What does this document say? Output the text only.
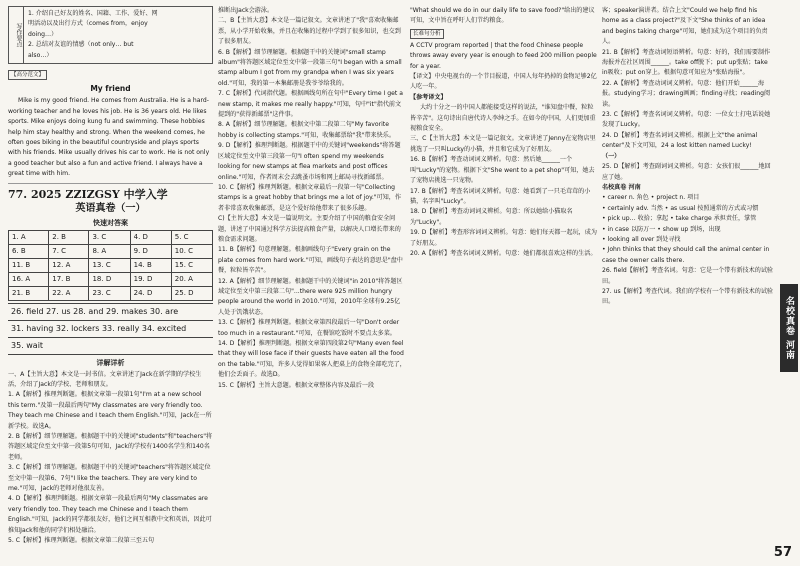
写作要点
1. 介绍自己好友的姓名、国籍、工作、爱好、网
明活动以及出行方式（comes from，enjoy
doing…）
2. 总结对友谊的情感（not only… but
also…）
【高分范文】
My friend

Mike is my good friend. He comes from Australia. He is a hard-working teacher and he loves his job. He is 36 years old. He likes sports. Mike enjoys doing kung fu and swimming. These hobbies help him stay healthy and strong. When the weekend comes, he often goes biking in the beautiful countryside and plays sports with his friends. Mike usually drives his car to work. He is not only a good teacher but also a fun and active friend. I always have a great time with him.

77. 2025 ZZIZGSY 中学入学
英语真卷（一）
快速对答案
1. A	2. B	3. C	4. D	5. C
6. B	7. C	8. A	9. D	10. C
11. B	12. A	13. C	14. B	15. C
16. A	17. B	18. D	19. D	20. A
21. B	22. A	23. C	24. D	25. D
26. field 27. us 28. and 29. makes 30. are
31. having 32. lockers 33. really 34. excited
35. wait
详解详析
一、A【主旨大意】本文是一封书信。文章讲述了Jack在新学期的学校生活，介绍了Jack的学校、老师和朋友。
1. A【解析】推理判断题。根据文章第一段第1句"I'm at a new school this term."及第一段最后两句"My classmates are very friendly too. They teach me Chinese and I teach them English."可知，Jack在一所新学校。故选A。
2. B【解析】细节理解题。根据题干中的关键词"students"和"teachers"将答题区域定位至文中第一段第5句可知，Jack的学校有1400名学生和140名老师。
3. C【解析】细节理解题。根据题干中的关键词"teachers"将答题区域定位至文中第一段第6、7句"I like the teachers. They are very kind to me."可知，Jack的老师对他很友善。
4. D【解析】推理判断题。根据文章第一段最后两句"My classmates are very friendly too. They teach me Chinese and I teach them English."可知，Jack的同学都很友好，他们之间互相教中文和英语，因此可推知Jack和他的同学们相处融洽。
5. C【解析】推理判断题。根据文章第二段第三至五句
推断出Jack会游泳。
二、B【主旨大意】本文是一篇记叙文。文章讲述了"我"喜欢收集邮票，从小学开始收集，并且在收集的过程中学到了很多知识，也交到了很多朋友。
6. B【解析】细节理解题。根据题干中的关键词"small stamp album"将答题区域定位至文中第一段第三句"I began with a small stamp album I got from my grandpa when I was six years old."可知，我的第一本集邮册是我爷爷给我的。
7. C【解析】代词指代题。根据画线句所在句中"Every time I get a new stamp, it makes me really happy."可知，句中"it"指代前文提到的"获得新邮票"这件事。
8. A【解析】细节理解题。根据文中第二段第二句"My favorite hobby is collecting stamps."可知，收集邮票给"我"带来快乐。
9. D【解析】推理判断题。根据题干中的关键词"weekends"将答题区域定位至文中第三段第一句"I often spend my weekends looking for new stamps at flea markets and post offices online."可知，作者周末会去跳蚤市场和网上邮局寻找新邮票。
10. C【解析】推理判断题。根据文章最后一段第一句"Collecting stamps is a great hobby that brings me a lot of joy."可知，作者非常喜欢收集邮票，是这个爱好给他带来了很多乐趣。
C)【主旨大意】本文是一篇说明文。主要介绍了中国的粮食安全问题，讲述了中国通过科学方法提高粮食产量，以解决人口增长带来的粮食需求问题。
11. B【解析】句意理解题。根据画线句子"Every grain on the plate comes from hard work."可知，画线句子表达的意思是"盘中餐，粒粒皆辛苦"。
12. A【解析】细节理解题。根据题干中的关键词"in 2010"将答题区域定位至文中第三段第二句"...there were 925 million hungry people around the world in 2010."可知，2010年全球有9.25亿人处于饥饿状态。
13. C【解析】推理判断题。根据文章第四段最后一句"Don't order too much in a restaurant."可知，在餐馆吃饭时不要点太多菜。
14. D【解析】推理判断题。根据文章第四段第2句"Many even feel that they will lose face if their guests have eaten all the food on the table."可知，许多人觉得如果客人把桌上的食物全部吃完了，他们会丢面子。故选D。
15. C【解析】主旨大意题。根据文章整体内容及最后一段
"What should we do in our daily life to save food?"给出的建议可知，文中旨在呼吁人们节约粮食。
长难句分析
A CCTV program reported | that the food Chinese people throws away every year is enough to feed 200 million people for a year.
【译文】中央电视台的一个节目报道，中国人每年扔掉的食物足够2亿人吃一年。
【参考译文】

大约十分之一的中国人都能接受这样的说法，"谁知盘中餐，粒粒皆辛苦"。这句诗出自唐代诗人李绅之手。在如今的中国，人们更加重视粮食安全。

三、C【主旨大意】本文是一篇记叙文。文章讲述了Jenny在宠物店里挑选了一只叫Lucky的小猫，并且和它成为了好朋友。
16. B【解析】考查动词词义辨析。句意：然后她______一个叫"Lucky"的宠物。根据下文"She went to a pet shop"可知，她去了宠物店挑选一只宠物。
17. B【解析】考查名词词义辨析。句意：她看到了一只毛茸茸的小猫，名字叫"Lucky"。
18. D【解析】考查动词词义辨析。句意：所以她给小猫取名为"Lucky"。
19. D【解析】考查形容词词义辨析。句意：她们每天都一起玩，成为了好朋友。
20. A【解析】考查名词词义辨析。句意：她们都很喜欢这样的生活。
客；speaker演讲者。结合上文"Could we help find his home as a class project?"及下文"She thinks of an idea and begins taking charge"可知，她们成为这个项目的负责人。
21. B【解析】考查动词短语辨析。句意：好的，我们需要制作海报并在社区周围______。take off脱下；put up张贴；take in吸收；put on穿上。根据句意可知应为"张贴海报"。
22. A【解析】考查动词词义辨析。句意：他们开始______海报。studying学习；drawing画画；finding寻找；reading阅读。
23. C【解析】考查名词词义辨析。句意：一位女士打电话说她发现了Lucky。
24. D【解析】考查名词词义辨析。根据上文"the animal center"及下文可知，24 a lost kitten named Lucky!
（一）
25. D【解析】考查副词词义辨析。句意：女孩们很______地回应了她。
名校真卷 河南
• career n. 角色 • project n. 项目
• certainly adv. 当然 • as usual 按照通常的方式或习惯
• pick up… 收拾；拿起 • take charge 承担责任，掌管
• in case 以防万一 • show up 到场，出现
• looking all over 到处寻找
• John thinks that they should call the animal center in case the owner calls there.
26. field【解析】考查名词。句意：它是一个带有新技术的试验田。
27. us【解析】考查代词。我们的学校有一个带有新技术的试验田。	名校真卷 河南
57
